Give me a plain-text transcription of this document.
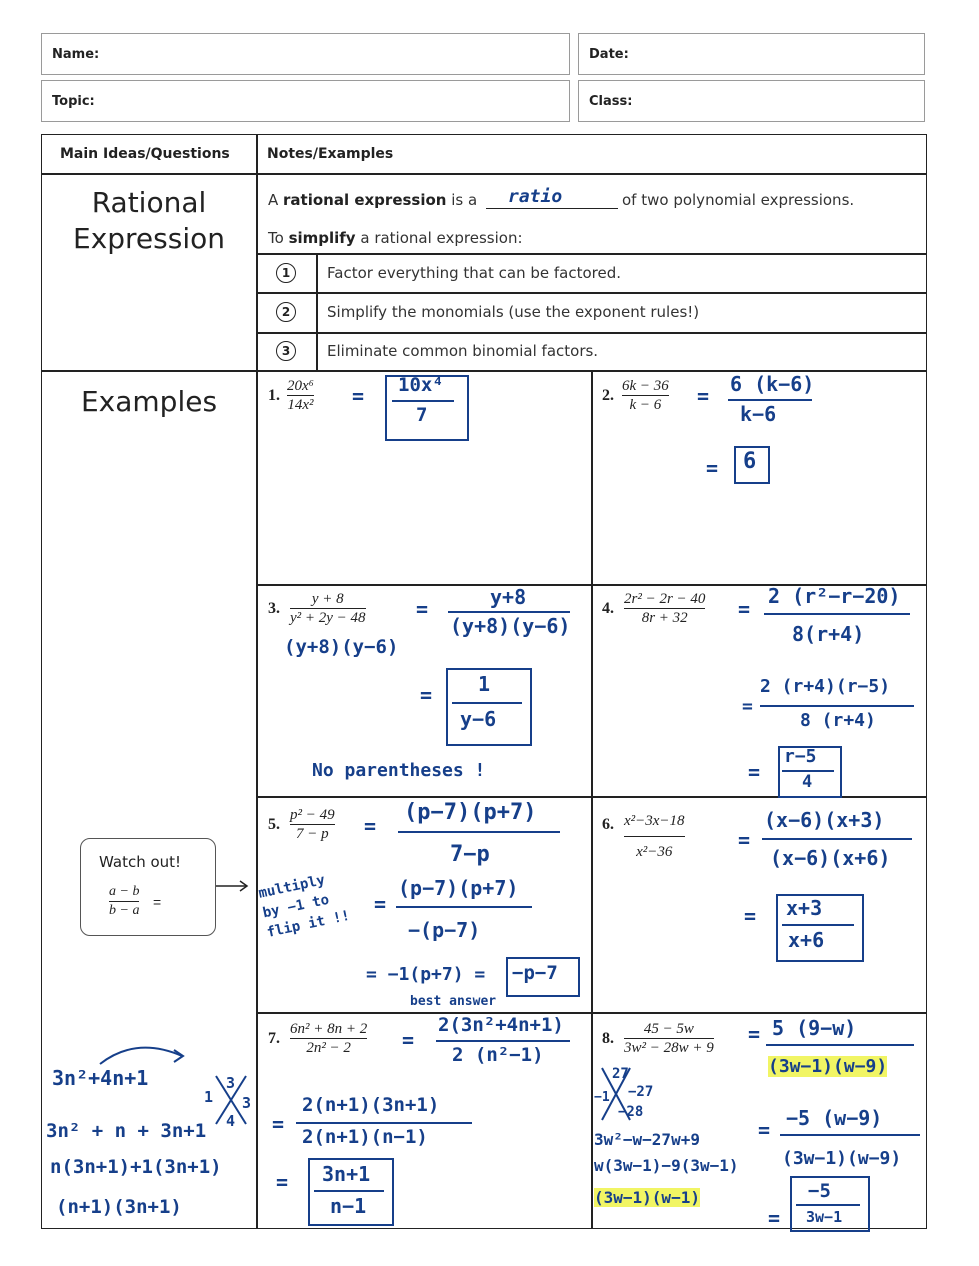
Name:	Date:
Topic:	Class:
Main Ideas/Questions	Notes/Examples
Rational
Expression
A rational expression is a ratio	of two polynomial expressions.
To simplify a rational expression:
1	Factor everything that can be factored.
2	Simplify the monomials (use the exponent rules!)
3	Eliminate common binomial factors.
Examples
Watch out!
a − b
b − a
=
1.
20x⁶
14x² = 10x⁴
7
2.
6k − 36
k − 6 = 6 (k−6)
k−6
= 6
3.
y + 8
y² + 2y − 48
(y+8)(y−6)
=	y+8
(y+8)(y−6)
= 1
y−6
No parentheses !
4.
2r² − 2r − 40
8r + 32	=
2 (r²−r−20)
8(r+4)
=
2 (r+4)(r−5)
8 (r+4)
=
r−5
4
5.
p² − 49
7 − p =
(p−7)(p+7)
7−p
multiply by −1 to flip it !!
=
(p−7)(p+7)
−(p−7)
= −1(p+7) = −p−7
best answer
6. x²−3x−18
x²−36	=
(x−6)(x+3)
(x−6)(x+6)
= x+3
x+6
7.
6n² + 8n + 2
2n² − 2	=
2(3n²+4n+1)
2 (n²−1)
=
2(n+1)(3n+1)
2(n+1)(n−1)
= 3n+1
n−1
3n²+4n+1
3n² + n + 3n+1
n(3n+1)+1(3n+1)
(n+1)(3n+1)
1
3
3
4
8.
45 − 5w
3w² − 28w + 9
= 5 (9−w)
(3w−1)(w−9)
= −5 (w−9)
(3w−1)(w−9)
=
−5
3w−1
−1
27
−27
−28
3w²−w−27w+9
w(3w−1)−9(3w−1)
(3w−1)(w−1)
